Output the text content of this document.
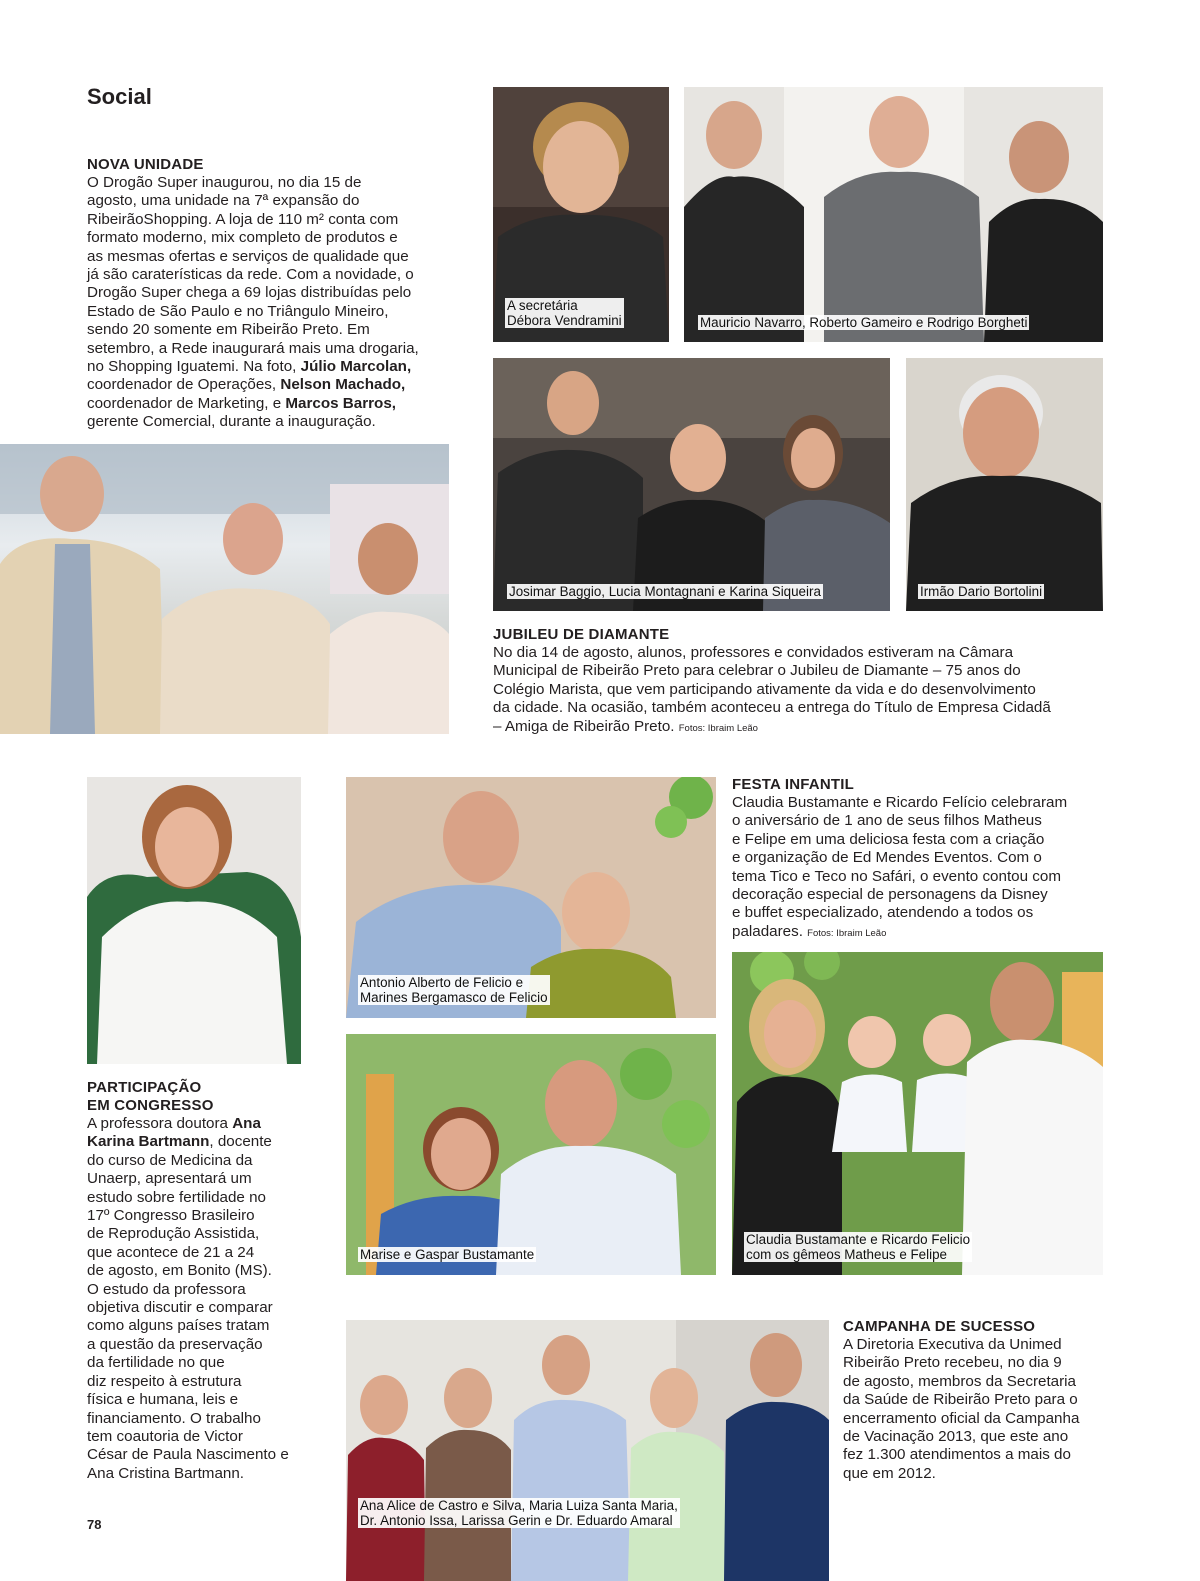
Social
NOVA UNIDADE
O Drogão Super inaugurou, no dia 15 de
agosto, uma unidade na 7ª expansão do
RibeirãoShopping. A loja de 110 m² conta com
formato moderno, mix completo de produtos e
as mesmas ofertas e serviços de qualidade que
já são caraterísticas da rede. Com a novidade, o
Drogão Super chega a 69 lojas distribuídas pelo
Estado de São Paulo e no Triângulo Mineiro,
sendo 20 somente em Ribeirão Preto. Em
setembro, a Rede inaugurará mais uma drogaria,
no Shopping Iguatemi. Na foto, Júlio Marcolan,
coordenador de Operações, Nelson Machado,
coordenador de Marketing, e Marcos Barros,
gerente Comercial, durante a inauguração.
A secretária
Débora Vendramini	Mauricio Navarro, Roberto Gameiro e Rodrigo Borgheti
Josimar Baggio, Lucia Montagnani e Karina Siqueira	Irmão Dario Bortolini
JUBILEU DE DIAMANTE
No dia 14 de agosto, alunos, professores e convidados estiveram na Câmara
Municipal de Ribeirão Preto para celebrar o Jubileu de Diamante – 75 anos do
Colégio Marista, que vem participando ativamente da vida e do desenvolvimento
da cidade. Na ocasião, também aconteceu a entrega do Título de Empresa Cidadã
– Amiga de Ribeirão Preto. Fotos: Ibraim Leão
PARTICIPAÇÃO
EM CONGRESSO
A professora doutora Ana
Karina Bartmann, docente
do curso de Medicina da
Unaerp, apresentará um
estudo sobre fertilidade no
17º Congresso Brasileiro
de Reprodução Assistida,
que acontece de 21 a 24
de agosto, em Bonito (MS).
O estudo da professora
objetiva discutir e comparar
como alguns países tratam
a questão da preservação
da fertilidade no que
diz respeito à estrutura
física e humana, leis e
financiamento. O trabalho
tem coautoria de Victor
César de Paula Nascimento e
Ana Cristina Bartmann.
Antonio Alberto de Felicio e
Marines Bergamasco de Felicio
Marise e Gaspar Bustamante
FESTA INFANTIL
Claudia Bustamante e Ricardo Felício celebraram
o aniversário de 1 ano de seus filhos Matheus
e Felipe em uma deliciosa festa com a criação
e organização de Ed Mendes Eventos. Com o
tema Tico e Teco no Safári, o evento contou com
decoração especial de personagens da Disney
e buffet especializado, atendendo a todos os
paladares. Fotos: Ibraim Leão
Claudia Bustamante e Ricardo Felicio
com os gêmeos Matheus e Felipe
Ana Alice de Castro e Silva, Maria Luiza Santa Maria,
Dr. Antonio Issa, Larissa Gerin e Dr. Eduardo Amaral
CAMPANHA DE SUCESSO
A Diretoria Executiva da Unimed
Ribeirão Preto recebeu, no dia 9
de agosto, membros da Secretaria
da Saúde de Ribeirão Preto para o
encerramento oficial da Campanha
de Vacinação 2013, que este ano
fez 1.300 atendimentos a mais do
que em 2012.
78
